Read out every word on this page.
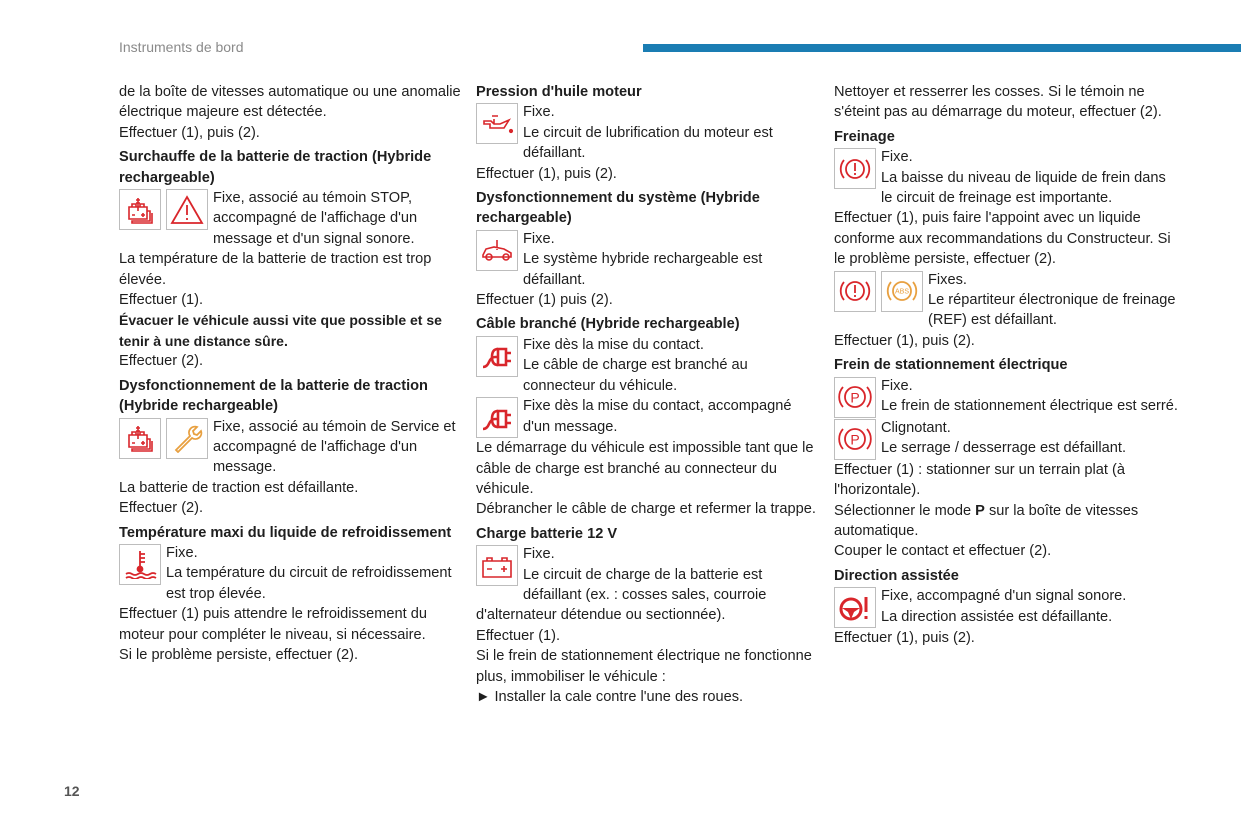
Instruments de bord
12
de la boîte de vitesses automatique ou une anomalie électrique majeure est détectée.
Effectuer (1), puis (2).
Surchauffe de la batterie de traction (Hybride rechargeable)
Fixe, associé au témoin STOP, accompagné de l'affichage d'un message et d'un signal sonore.
La température de la batterie de traction est trop élevée.
Effectuer (1).
Évacuer le véhicule aussi vite que possible et se tenir à une distance sûre.
Effectuer (2).
Dysfonctionnement de la batterie de traction (Hybride rechargeable)
Fixe, associé au témoin de Service et accompagné de l'affichage d'un message.
La batterie de traction est défaillante.
Effectuer (2).
Température maxi du liquide de refroidissement
Fixe.
La température du circuit de refroidissement est trop élevée.
Effectuer (1) puis attendre le refroidissement du moteur pour compléter le niveau, si nécessaire.
Si le problème persiste, effectuer (2).
Pression d'huile moteur
Fixe.
Le circuit de lubrification du moteur est défaillant.
Effectuer (1), puis (2).
Dysfonctionnement du système (Hybride rechargeable)
Fixe.
Le système hybride rechargeable est défaillant.
Effectuer (1) puis (2).
Câble branché (Hybride rechargeable)
Fixe dès la mise du contact.
Le câble de charge est branché au connecteur du véhicule.
Fixe dès la mise du contact, accompagné d'un message.
Le démarrage du véhicule est impossible tant que le câble de charge est branché au connecteur du véhicule.
Débrancher le câble de charge et refermer la trappe.
Charge batterie 12 V
Fixe.
Le circuit de charge de la batterie est défaillant (ex. : cosses sales, courroie d'alternateur détendue ou sectionnée).
Effectuer (1).
Si le frein de stationnement électrique ne fonctionne plus, immobiliser le véhicule :
► Installer la cale contre l'une des roues.
Nettoyer et resserrer les cosses. Si le témoin ne s'éteint pas au démarrage du moteur, effectuer (2).
Freinage
Fixe.
La baisse du niveau de liquide de frein dans le circuit de freinage est importante.
Effectuer (1), puis faire l'appoint avec un liquide conforme aux recommandations du Constructeur. Si le problème persiste, effectuer (2).
ABS
Fixes.
Le répartiteur électronique de freinage (REF) est défaillant.
Effectuer (1), puis (2).
Frein de stationnement électrique
P
Fixe.
Le frein de stationnement électrique est serré.
P
Clignotant.
Le serrage / desserrage est défaillant.
Effectuer (1) : stationner sur un terrain plat (à l'horizontale).
Sélectionner le mode P sur la boîte de vitesses automatique.
Couper le contact et effectuer (2).
Direction assistée
Fixe, accompagné d'un signal sonore.
La direction assistée est défaillante.
Effectuer (1), puis (2).
